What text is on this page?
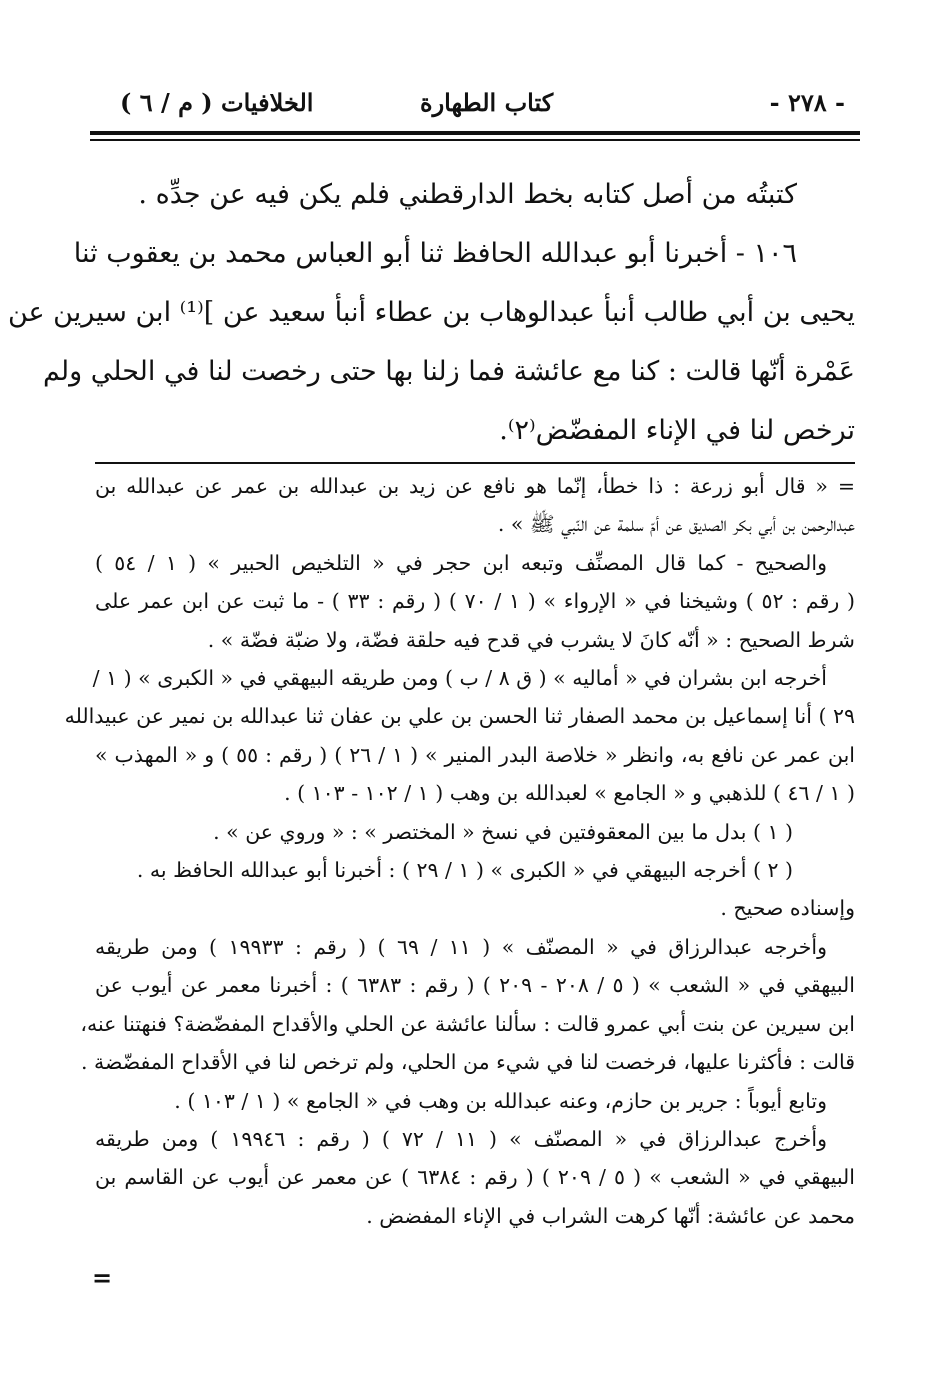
- ٢٧٨ -
كتاب الطهارة
الخلافيات ( م / ٦ )

كتبتُه من أصل كتابه بخط الدارقطني فلم يكن فيه عن جدِّه .

١٠٦ - أخبرنا أبو عبدالله الحافظ ثنا أبو العباس محمد بن يعقوب ثنا

يحيى بن أبي طالب أنبأ عبدالوهاب بن عطاء أنبأ سعيد عن ]⁽¹⁾ ابن سيرين عن

عَمْرة أنّها قالت : كنا مع عائشة فما زلنا بها حتى رخصت لنا في الحلي ولم

ترخص لنا في الإناء المفضّض⁽٢⁾.

= « قال أبو زرعة : ذا خطأ، إنّما هو نافع عن زيد بن عبدالله بن عمر عن عبدالله بن

عبدالرحمن بن أبي بكر الصديق عن أمّ سلمة عن النّبي ﷺ » .

والصحيح - كما قال المصنِّف وتبعه ابن حجر في « التلخيص الحبير » ( ١ / ٥٤ )

( رقم : ٥٢ ) وشيخنا في « الإرواء » ( ١ / ٧٠ ) ( رقم : ٣٣ ) - ما ثبت عن ابن عمر على

شرط الصحيح : « أنّه كانَ لا يشرب في قدح فيه حلقة فضّة، ولا ضبّة فضّة » .

أخرجه ابن بشران في « أماليه » ( ق ٨ / ب ) ومن طريقه البيهقي في « الكبرى » ( ١ /

٢٩ ) أنا إسماعيل بن محمد الصفار ثنا الحسن بن علي بن عفان ثنا عبدالله بن نمير عن عبيدالله

ابن عمر عن نافع به، وانظر « خلاصة البدر المنير » ( ١ / ٢٦ ) ( رقم : ٥٥ ) و « المهذب »

( ١ / ٤٦ ) للذهبي و « الجامع » لعبدالله بن وهب ( ١ / ١٠٢ - ١٠٣ ) .

( ١ ) بدل ما بين المعقوفتين في نسخ « المختصر » : « وروي عن » .

( ٢ ) أخرجه البيهقي في « الكبرى » ( ١ / ٢٩ ) : أخبرنا أبو عبدالله الحافظ به .

وإسناده صحيح .

وأخرجه عبدالرزاق في « المصنّف » ( ١١ / ٦٩ ) ( رقم : ١٩٩٣٣ ) ومن طريقه

البيهقي في « الشعب » ( ٥ / ٢٠٨ - ٢٠٩ ) ( رقم : ٦٣٨٣ ) : أخبرنا معمر عن أيوب عن

ابن سيرين عن بنت أبي عمرو قالت : سألنا عائشة عن الحلي والأقداح المفضّضة؟ فنهتنا عنه،

قالت : فأكثرنا عليها، فرخصت لنا في شيء من الحلي، ولم ترخص لنا في الأقداح المفضّضة .

وتابع أيوباً : جرير بن حازم، وعنه عبدالله بن وهب في « الجامع » ( ١ / ١٠٣ ) .

وأخرج عبدالرزاق في « المصنّف » ( ١١ / ٧٢ ) ( رقم : ١٩٩٤٦ ) ومن طريقه

البيهقي في « الشعب » ( ٥ / ٢٠٩ ) ( رقم : ٦٣٨٤ ) عن معمر عن أيوب عن القاسم بن

محمد عن عائشة: أنّها كرهت الشراب في الإناء المفضض .

=
